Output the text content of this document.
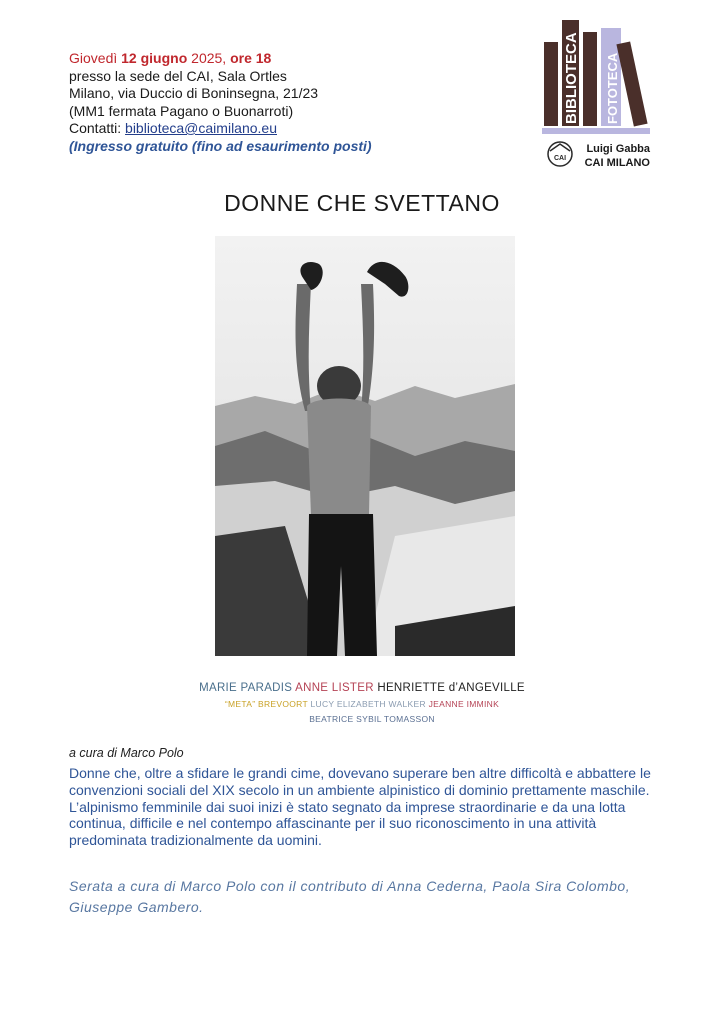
Giovedì 12 giugno 2025, ore 18
presso la sede del CAI, Sala Ortles
Milano, via Duccio di Boninsegna, 21/23
(MM1 fermata Pagano o Buonarroti)
Contatti: biblioteca@caimilano.eu
(Ingresso gratuito (fino ad esaurimento posti)
BIBLIOTECA FOTOTECA
CAI
Luigi Gabba
CAI MILANO
DONNE CHE SVETTANO
MARIE PARADIS ANNE LISTER HENRIETTE d’ANGEVILLE
“META” BREVOORT LUCY ELIZABETH WALKER JEANNE IMMINK
BEATRICE SYBIL TOMASSON
a cura di Marco Polo

Donne che, oltre a sfidare le grandi cime, dovevano superare ben altre difficoltà e abbattere le convenzioni sociali del XIX secolo in un ambiente alpinistico di dominio prettamente maschile.

L’alpinismo femminile dai suoi inizi è stato segnato da imprese straordinarie e da una lotta continua, difficile e nel contempo affascinante per il suo riconoscimento in una attività predominata tradizionalmente da uomini.

Serata a cura di Marco Polo con il contributo di Anna Cederna, Paola Sira Colombo, Giuseppe Gambero.
